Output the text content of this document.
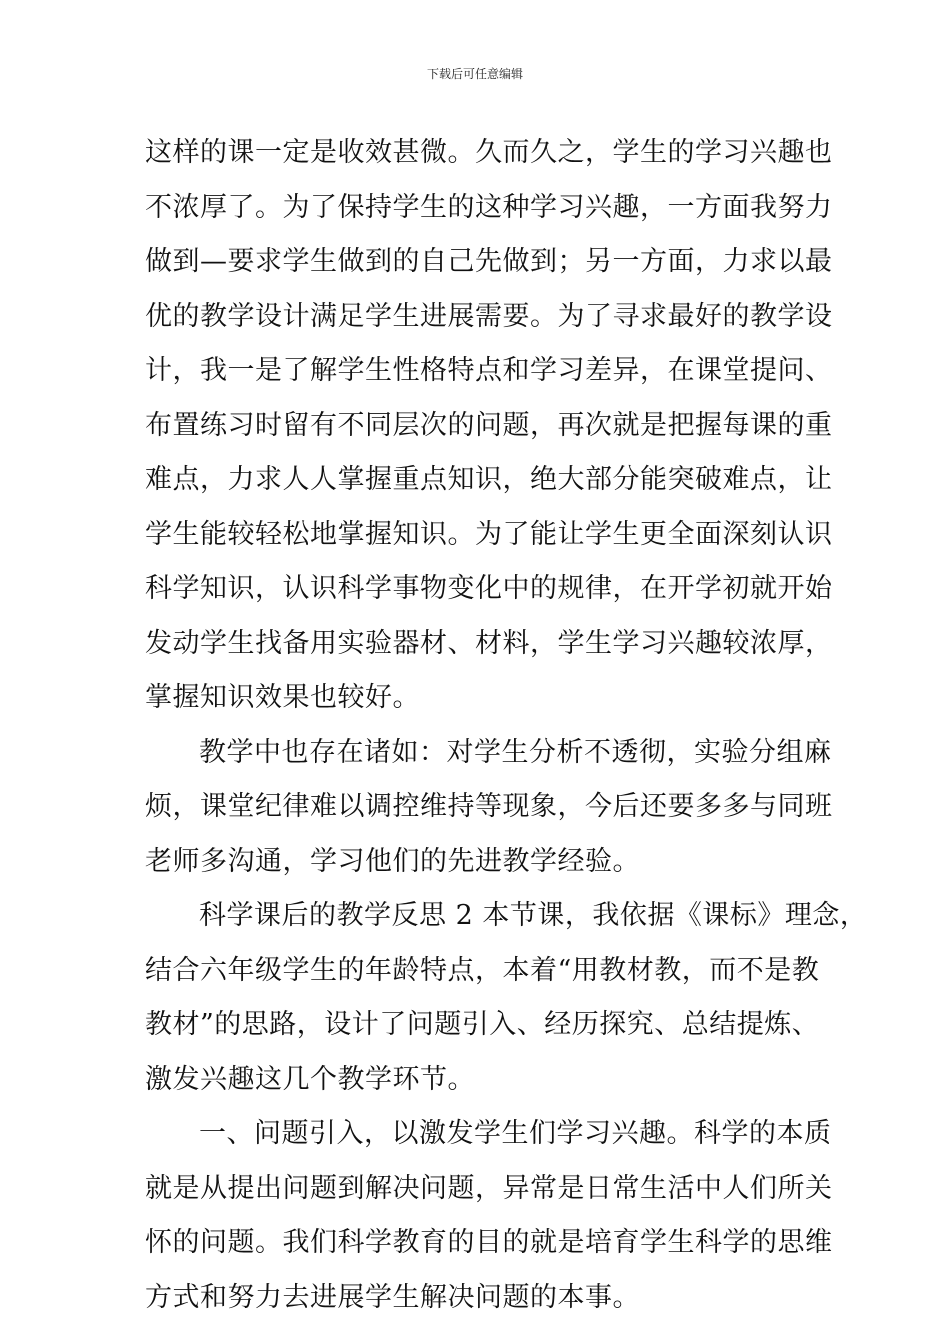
下载后可任意编辑
这样的课一定是收效甚微。久而久之，学生的学习兴趣也
不浓厚了。为了保持学生的这种学习兴趣，一方面我努力
做到—要求学生做到的自己先做到；另一方面，力求以最
优的教学设计满足学生进展需要。为了寻求最好的教学设
计，我一是了解学生性格特点和学习差异，在课堂提问、
布置练习时留有不同层次的问题，再次就是把握每课的重
难点，力求人人掌握重点知识，绝大部分能突破难点，让
学生能较轻松地掌握知识。为了能让学生更全面深刻认识
科学知识，认识科学事物变化中的规律，在开学初就开始
发动学生找备用实验器材、材料，学生学习兴趣较浓厚，
掌握知识效果也较好。
教学中也存在诸如：对学生分析不透彻，实验分组麻
烦，课堂纪律难以调控维持等现象，今后还要多多与同班
老师多沟通，学习他们的先进教学经验。
科学课后的教学反思 2 本节课，我依据《课标》理念，
结合六年级学生的年龄特点，本着“用教材教，而不是教
教材”的思路，设计了问题引入、经历探究、总结提炼、
激发兴趣这几个教学环节。
一、问题引入，以激发学生们学习兴趣。科学的本质
就是从提出问题到解决问题，异常是日常生活中人们所关
怀的问题。我们科学教育的目的就是培育学生科学的思维
方式和努力去进展学生解决问题的本事。
